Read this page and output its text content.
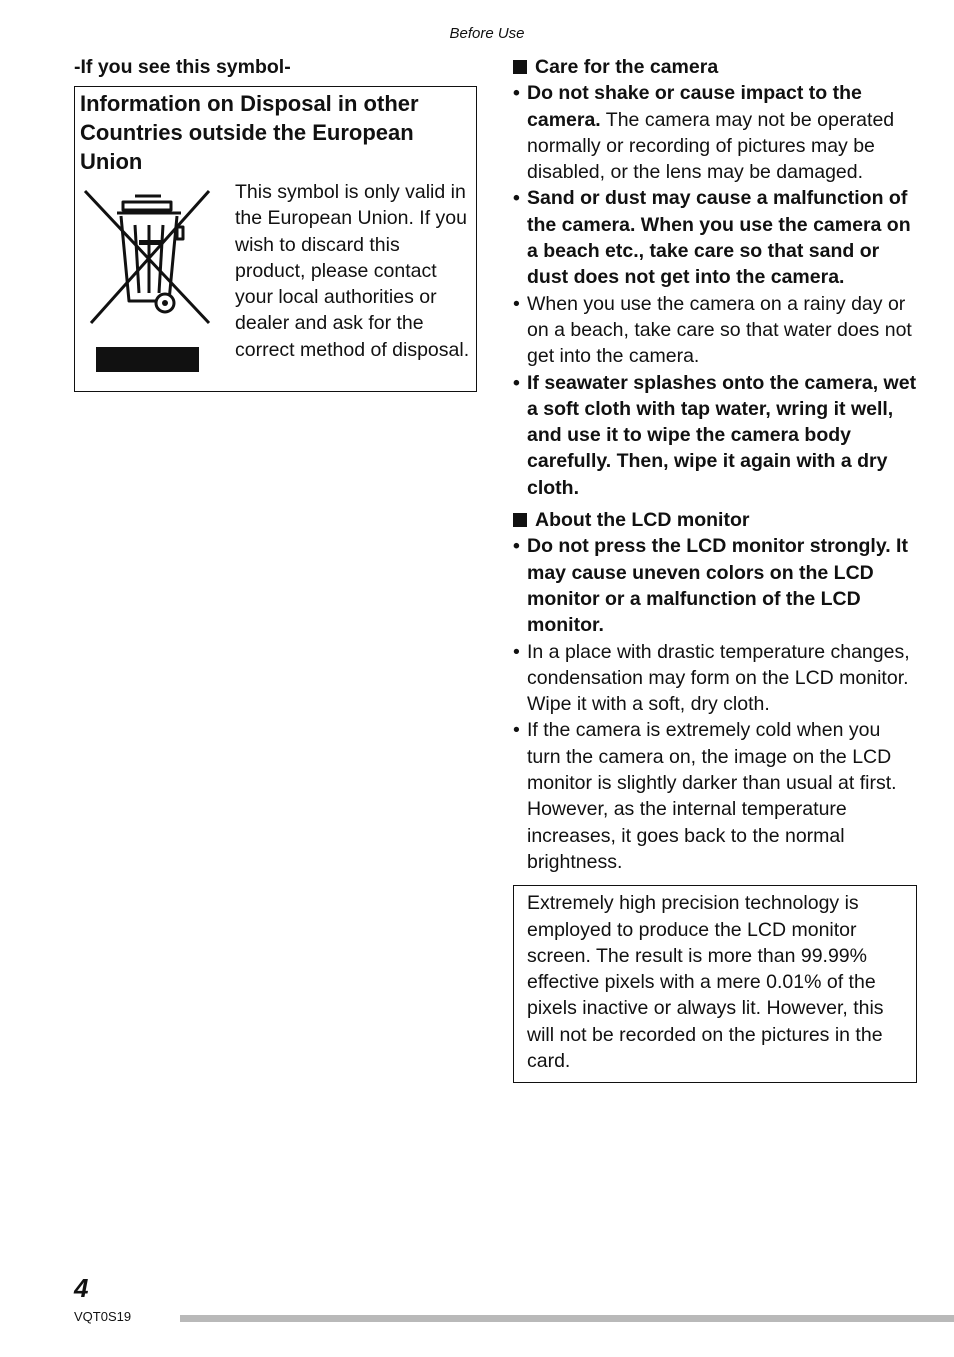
Before Use

-If you see this symbol-

Information on Disposal in other Countries outside the European Union

This symbol is only valid in the European Union. If you wish to discard this product, please contact your local authorities or dealer and ask for the correct method of disposal.

Care for the camera

• Do not shake or cause impact to the camera. The camera may not be operated normally or recording of pictures may be disabled, or the lens may be damaged.
• Sand or dust may cause a malfunction of the camera. When you use the camera on a beach etc., take care so that sand or dust does not get into the camera.
• When you use the camera on a rainy day or on a beach, take care so that water does not get into the camera.
• If seawater splashes onto the camera, wet a soft cloth with tap water, wring it well, and use it to wipe the camera body carefully. Then, wipe it again with a dry cloth.

About the LCD monitor

• Do not press the LCD monitor strongly. It may cause uneven colors on the LCD monitor or a malfunction of the LCD monitor.
• In a place with drastic temperature changes, condensation may form on the LCD monitor. Wipe it with a soft, dry cloth.
• If the camera is extremely cold when you turn the camera on, the image on the LCD monitor is slightly darker than usual at first. However, as the internal temperature increases, it goes back to the normal brightness.
Extremely high precision technology is employed to produce the LCD monitor screen. The result is more than 99.99% effective pixels with a mere 0.01% of the pixels inactive or always lit. However, this will not be recorded on the pictures in the card.
4
VQT0S19
